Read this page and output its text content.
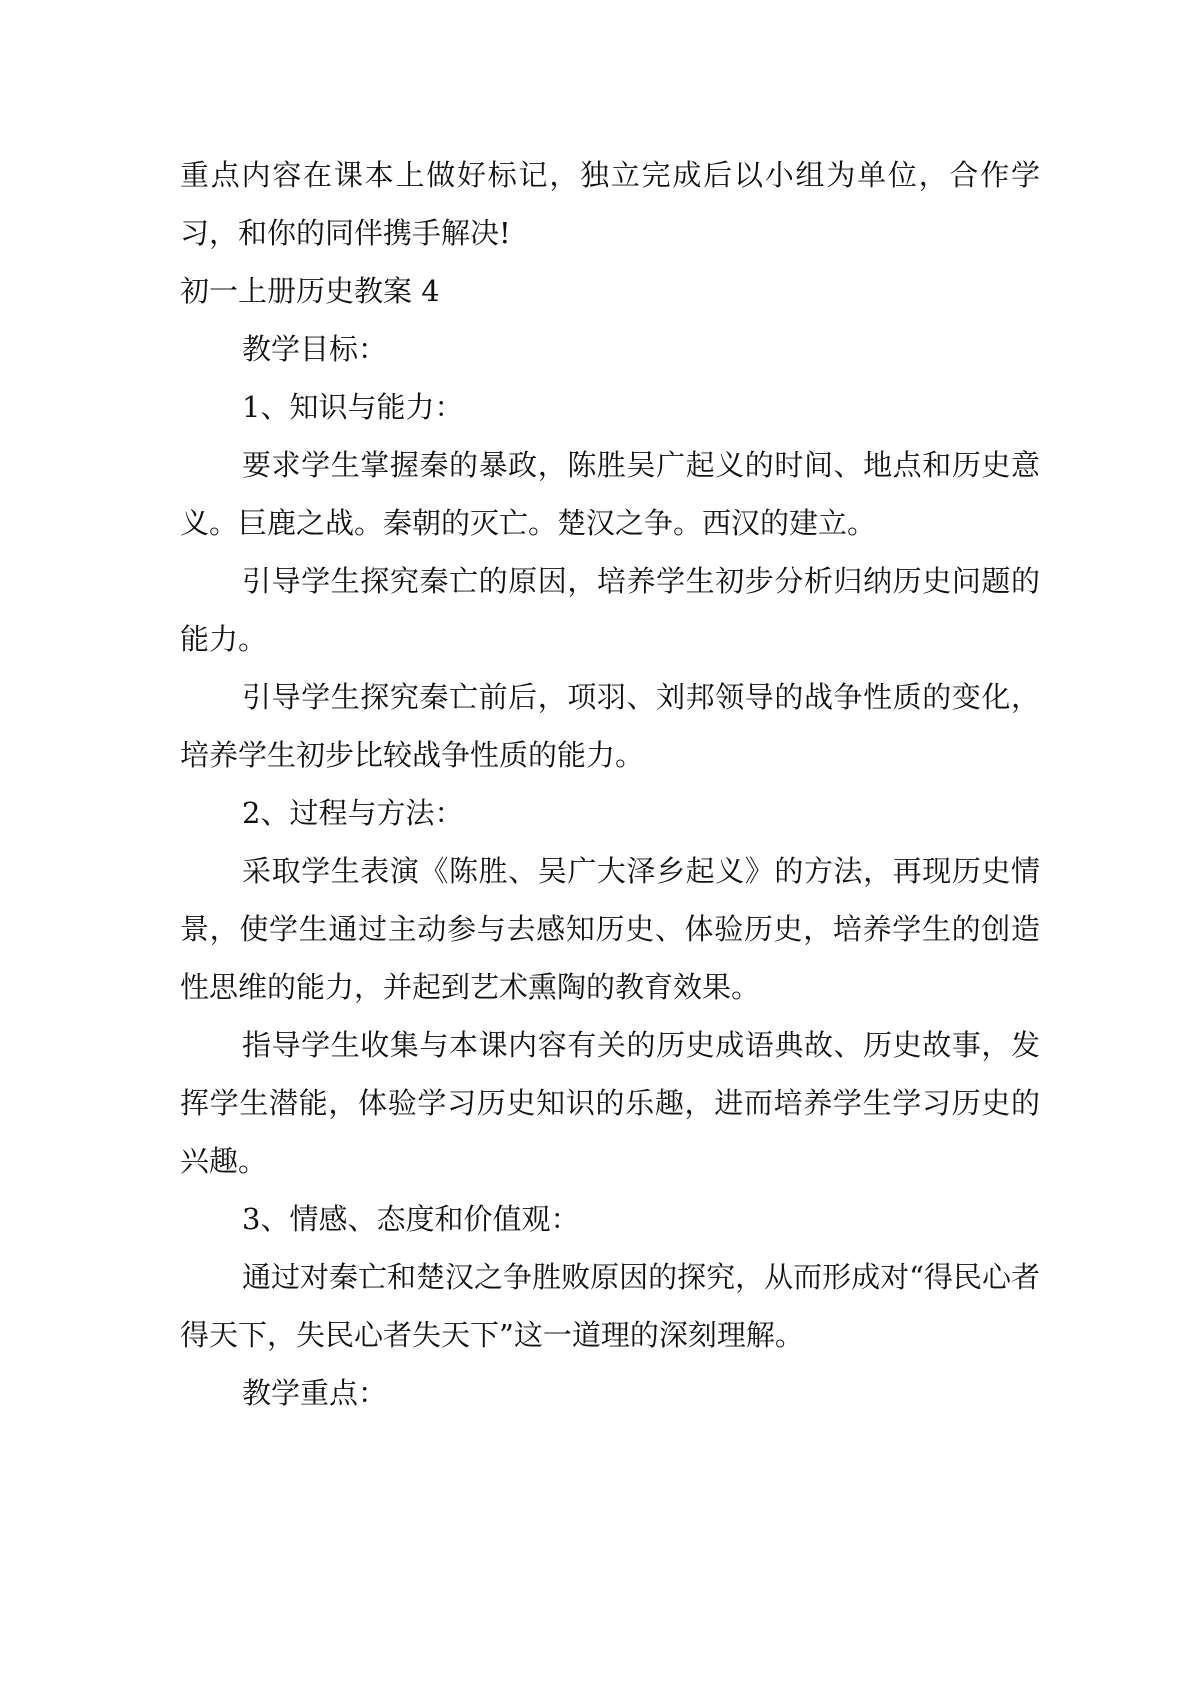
重点内容在课本上做好标记，独立完成后以小组为单位，合作学习，和你的同伴携手解决!

初一上册历史教案 4

教学目标：

1、知识与能力：

要求学生掌握秦的暴政，陈胜吴广起义的时间、地点和历史意义。巨鹿之战。秦朝的灭亡。楚汉之争。西汉的建立。

引导学生探究秦亡的原因，培养学生初步分析归纳历史问题的能力。

引导学生探究秦亡前后，项羽、刘邦领导的战争性质的变化，培养学生初步比较战争性质的能力。

2、过程与方法：

采取学生表演《陈胜、吴广大泽乡起义》的方法，再现历史情景，使学生通过主动参与去感知历史、体验历史，培养学生的创造性思维的能力，并起到艺术熏陶的教育效果。

指导学生收集与本课内容有关的历史成语典故、历史故事，发挥学生潜能，体验学习历史知识的乐趣，进而培养学生学习历史的兴趣。

3、情感、态度和价值观：

通过对秦亡和楚汉之争胜败原因的探究，从而形成对“得民心者得天下，失民心者失天下”这一道理的深刻理解。

教学重点：
